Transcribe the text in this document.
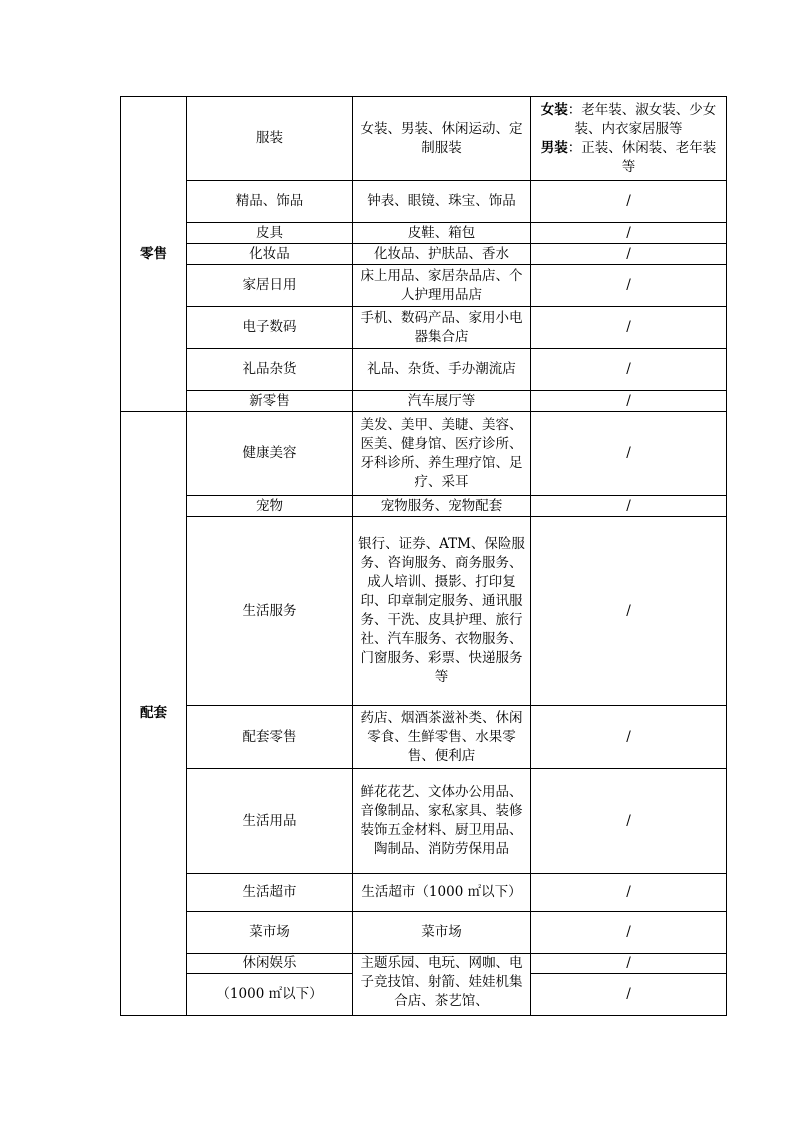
零售	服装	女装、男装、休闲运动、定制服装	女装：老年装、淑女装、少女装、内衣家居服等
男装：正装、休闲装、老年装等
	精品、饰品	钟表、眼镜、珠宝、饰品	/
	皮具	皮鞋、箱包	/
	化妆品	化妆品、护肤品、香水	/
	家居日用	床上用品、家居杂品店、个人护理用品店	/
	电子数码	手机、数码产品、家用小电器集合店	/
	礼品杂货	礼品、杂货、手办潮流店	/
	新零售	汽车展厅等	/
配套	健康美容	美发、美甲、美睫、美容、医美、健身馆、医疗诊所、牙科诊所、养生理疗馆、足疗、采耳	/
	宠物	宠物服务、宠物配套	/
	生活服务	银行、证券、ATM、保险服务、咨询服务、商务服务、成人培训、摄影、打印复印、印章制定服务、通讯服务、干洗、皮具护理、旅行社、汽车服务、衣物服务、门窗服务、彩票、快递服务等	/
	配套零售	药店、烟酒茶滋补类、休闲零食、生鲜零售、水果零售、便利店	/
	生活用品	鲜花花艺、文体办公用品、音像制品、家私家具、装修装饰五金材料、厨卫用品、陶制品、消防劳保用品	/
	生活超市	生活超市（1000 ㎡以下）	/
	菜市场	菜市场	/
	休闲娱乐	主题乐园、电玩、网咖、电子竞技馆、射箭、娃娃机集合店、茶艺馆、	/
	（1000 ㎡以下）		/
